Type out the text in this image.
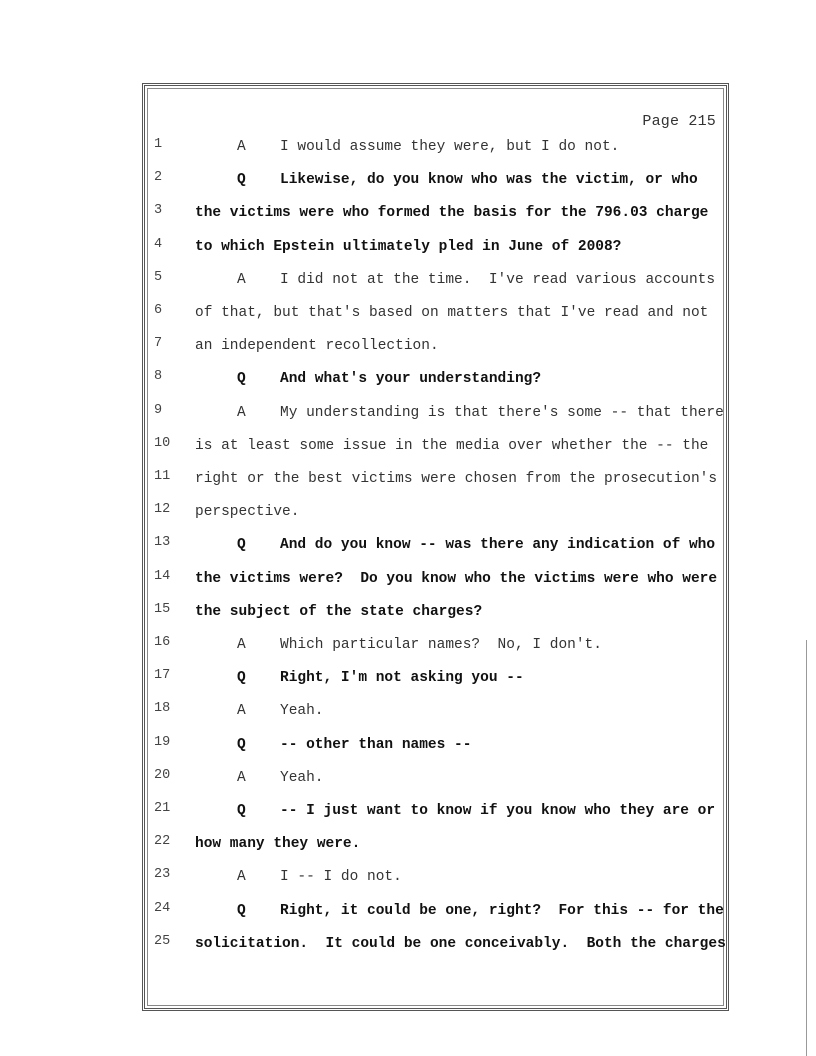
Page 215
1	A I would assume they were, but I do not.
2	Q Likewise, do you know who was the victim, or who
3	the victims were who formed the basis for the 796.03 charge
4	to which Epstein ultimately pled in June of 2008?
5	A I did not at the time.  I've read various accounts
6	of that, but that's based on matters that I've read and not
7	an independent recollection.
8	Q And what's your understanding?
9	A My understanding is that there's some -- that there
10	is at least some issue in the media over whether the -- the
11	right or the best victims were chosen from the prosecution's
12	perspective.
13	Q And do you know -- was there any indication of who
14	the victims were?  Do you know who the victims were who were
15	the subject of the state charges?
16	A Which particular names?  No, I don't.
17	Q Right, I'm not asking you --
18	A Yeah.
19	Q -- other than names --
20	A Yeah.
21	Q -- I just want to know if you know who they are or
22	how many they were.
23	A I -- I do not.
24	Q Right, it could be one, right?  For this -- for the
25	solicitation.  It could be one conceivably.  Both the charges
